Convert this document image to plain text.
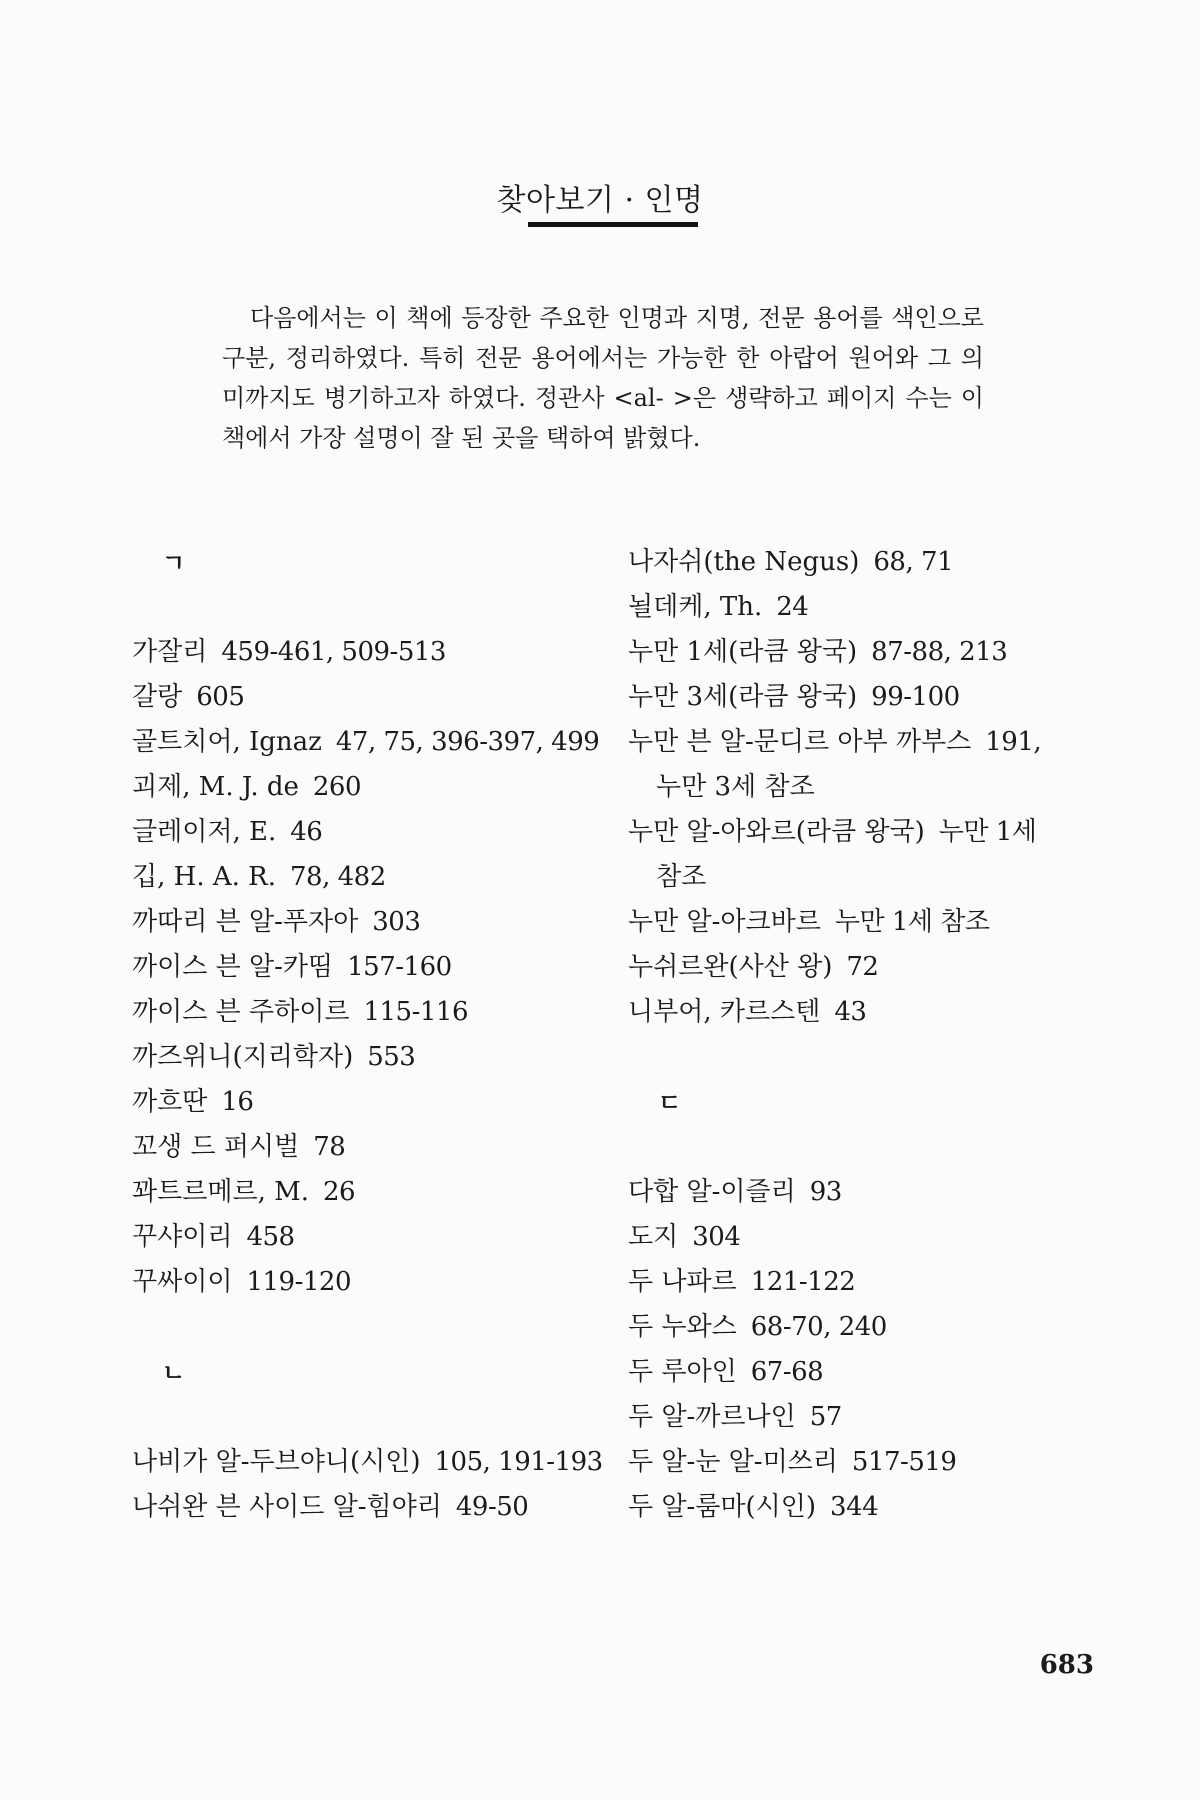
찾아보기 · 인명
다음에서는 이 책에 등장한 주요한 인명과 지명, 전문 용어를 색인으로 구분, 정리하였다. 특히 전문 용어에서는 가능한 한 아랍어 원어와 그 의미까지도 병기하고자 하였다. 정관사 <al- >은 생략하고 페이지 수는 이 책에서 가장 설명이 잘 된 곳을 택하여 밝혔다.
ㄱ
가잘리 459-461, 509-513
갈랑 605
골트치어, Ignaz 47, 75, 396-397, 499
괴제, M. J. de 260
글레이저, E. 46
깁, H. A. R. 78, 482
까따리 븐 알-푸자아 303
까이스 븐 알-카띰 157-160
까이스 븐 주하이르 115-116
까즈위니(지리학자) 553
까흐딴 16
꼬생 드 퍼시벌 78
꽈트르메르, M. 26
꾸샤이리 458
꾸싸이이 119-120
ㄴ
나비가 알-두브야니(시인) 105, 191-193
나쉬완 븐 사이드 알-힘야리 49-50
나자쉬(the Negus) 68, 71
뇔데케, Th. 24
누만 1세(라큼 왕국) 87-88, 213
누만 3세(라큼 왕국) 99-100
누만 븐 알-문디르 아부 까부스 191,
누만 3세 참조
누만 알-아와르(라큼 왕국) 누만 1세
참조
누만 알-아크바르 누만 1세 참조
누쉬르완(사산 왕) 72
니부어, 카르스텐 43
ㄷ
다합 알-이즐리 93
도지 304
두 나파르 121-122
두 누와스 68-70, 240
두 루아인 67-68
두 알-까르나인 57
두 알-눈 알-미쓰리 517-519
두 알-룸마(시인) 344
683
